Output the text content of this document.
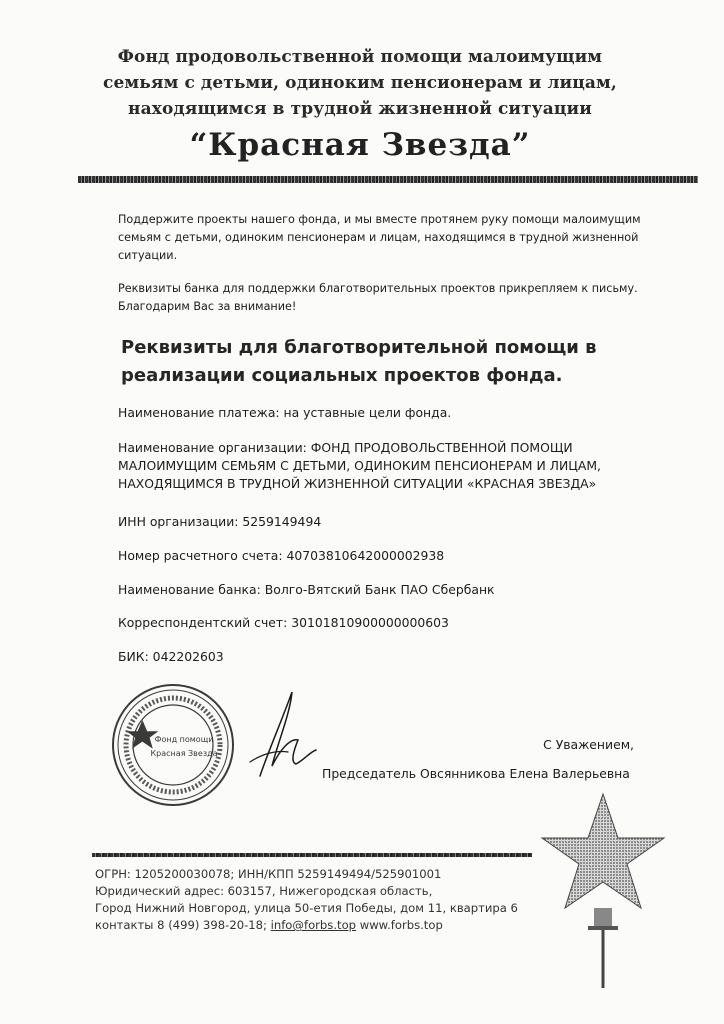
Фонд продовольственной помощи малоимущим
семьям с детьми, одиноким пенсионерам и лицам,
находящимся в трудной жизненной ситуации
“Красная Звезда”
Поддержите проекты нашего фонда, и мы вместе протянем руку помощи малоимущим
семьям с детьми, одиноким пенсионерам и лицам, находящимся в трудной жизненной
ситуации.
Реквизиты банка для поддержки благотворительных проектов прикрепляем к письму.
Благодарим Вас за внимание!
Реквизиты для благотворительной помощи в
реализации социальных проектов фонда.
Наименование платежа: на уставные цели фонда.
Наименование организации: ФОНД ПРОДОВОЛЬСТВЕННОЙ ПОМОЩИ
МАЛОИМУЩИМ СЕМЬЯМ С ДЕТЬМИ, ОДИНОКИМ ПЕНСИОНЕРАМ И ЛИЦАМ,
НАХОДЯЩИМСЯ В ТРУДНОЙ ЖИЗНЕННОЙ СИТУАЦИИ «КРАСНАЯ ЗВЕЗДА»
ИНН организации: 5259149494
Номер расчетного счета: 40703810642000002938
Наименование банка: Волго-Вятский Банк ПАО Сбербанк
Корреспондентский счет: 30101810900000000603
БИК: 042202603
Фонд помощи
Красная Звезда
С Уважением,
Председатель Овсянникова Елена Валерьевна
ОГРН: 1205200030078; ИНН/КПП 5259149494/525901001
Юридический адрес: 603157, Нижегородская область,
Город Нижний Новгород, улица 50-етия Победы, дом 11, квартира 6
контакты 8 (499) 398-20-18; info@forbs.top www.forbs.top
